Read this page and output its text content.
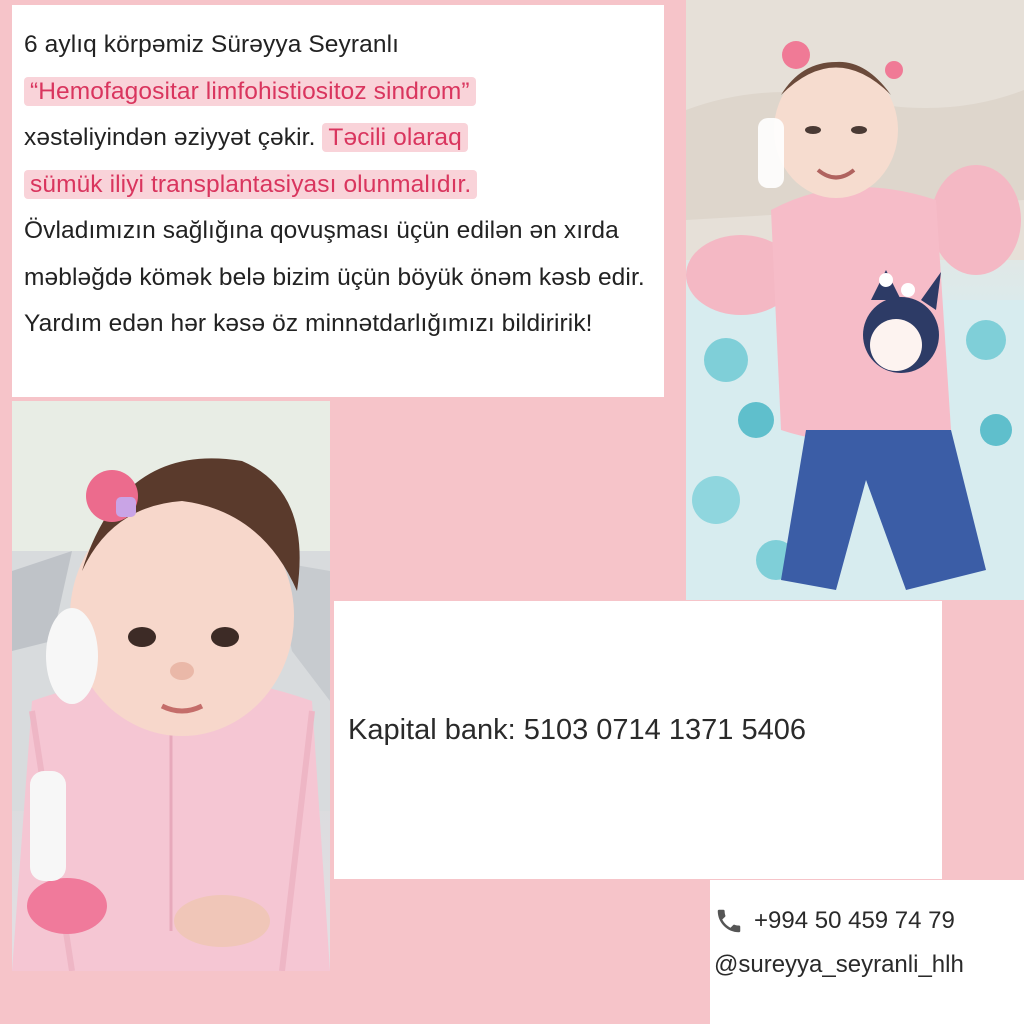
6 aylıq körpəmiz Sürəyya Seyranlı
“Hemofagositar limfohistiositoz sindrom”
xəstəliyindən əziyyət çəkir. Təcili olaraq
sümük iliyi transplantasiyası olunmalıdır.
Övladımızın sağlığına qovuşması üçün edilən ən xırda məbləğdə kömək belə bizim üçün böyük önəm kəsb edir. Yardım edən hər kəsə öz minnətdarlığımızı bildiririk!
Kapital bank: 5103 0714 1371 5406
+994 50 459 74 79
@sureyya_seyranli_hlh
